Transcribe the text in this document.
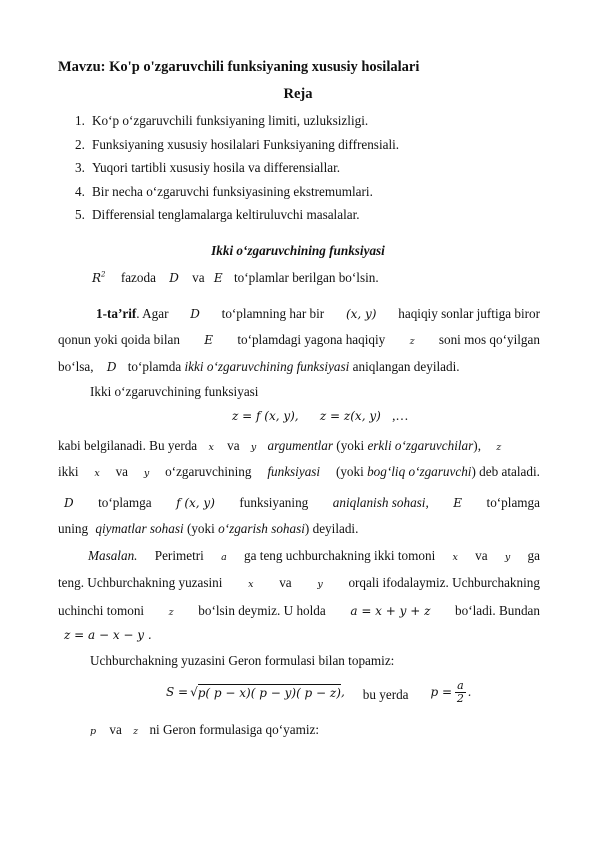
Mavzu: Ko'p o'zgaruvchili funksiyaning xususiy hosilalari
Reja
1. Ko‘p o‘zgaruvchili funksiyaning limiti, uzluksizligi.
2. Funksiyaning xususiy hosilalari Funksiyaning diffrensiali.
3. Yuqori tartibli xususiy hosila va differensiallar.
4. Bir necha o‘zgaruvchi funksiyasining ekstremumlari.
5. Differensial tenglamalarga keltiruluvchi masalalar.
Ikki o‘zgaruvchining funksiyasi
$R^2$ fazoda D va E to‘plamlar berilgan bo‘lsin.
1-ta’rif. Agar D to‘plamning har bir (x, y) haqiqiy sonlar juftiga biror
qonun yoki qoida bilan E to‘plamdagi yagona haqiqiy	z soni mos qo‘yilgan
bo‘lsa, D to‘plamda ikki o‘zgaruvchining funksiyasi aniqlangan deyiladi.
Ikki o‘zgaruvchining funksiyasi
z = f (x, y), z = z(x, y) ,…
kabi belgilanadi. Bu yerda x va y argumentlar (yoki erkli o‘zgaruvchilar), z
ikki x va y o‘zgaruvchining funksiyasi (yoki bog‘liq o‘zgaruvchi) deb ataladi.
D to‘plamga f (x, y) funksiyaning aniqlanish sohasi, E to‘plamga
uning qiymatlar sohasi (yoki o‘zgarish sohasi) deyiladi.
Masalan. Perimetri a ga teng uchburchakning ikki tomoni x va y ga
teng. Uchburchakning yuzasini	x va	y orqali ifodalaymiz. Uchburchakning
uchinchi tomoni	z bo‘lsin deymiz. U holda a = x + y + z bo‘ladi. Bundan
z = a − x − y .
Uchburchakning yuzasini Geron formulasi bilan topamiz:
S = √ p( p − x)( p − y)( p − z) , bu yerda $p = \frac{a}{2}$ .
p va z ni Geron formulasiga qo‘yamiz:
